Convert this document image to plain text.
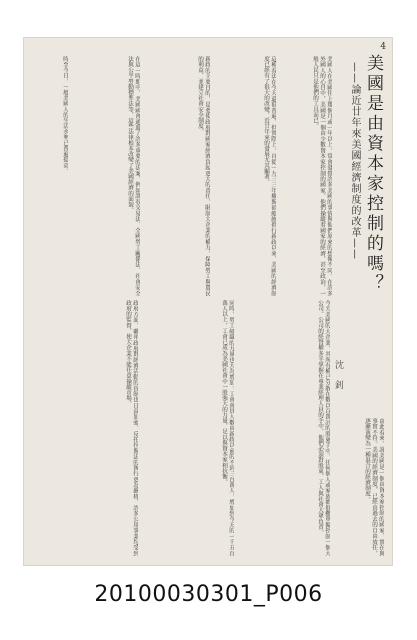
4
美國是由資本家控制的嗎？
——論近廿年來美國經濟制度的改革——
沈 釗
美國人在美國住上幾個月或一年以上，常會發覺許多美國的事情與他們原來的想像不同。在許多外國人的心目中，美國是一個由少數資本家控制的國家，他們操縱着國家的經濟，甚至政治，一般人民只是他們的工具而已。
這種看法在今天還很普遍，但實際上，自從一九三三年羅斯福總統推行新政以來，美國的經濟制度已經有了很大的改變，近廿年來的發展尤其顯著。
新政的主要目的，是要使政府對國家經濟負起更大的責任，限制大企業的權力，保障勞工與農民的利益，並建立社會安全制度。
在這一時期中，美國國會通過了許多重要的法案，例如證券交易法、全國勞工關係法、社會安全法與公平勞動標準法等，這些法律根本改變了美國經濟的面貌。
時至今日，一般美國人的生活水準已普遍提高。
今天美國的大企業，其所有權已分散在數以百萬計的股東手中，任何個人或家族都很難單獨控制一個大公司。公司的經營權多半掌握在專業經理人員的手中，他們必須對股東、工人與社會大眾負責。
同時，勞工組織的力量也大為增加。工會會員人數由新政以前的不到三百萬人，增加到今天的一千五百萬人以上，工會已成為美國社會中一股強大的力量，足以與資本家相抗衡。
政府方面，聯邦政府對經濟活動的管制也日益加強，反托拉斯法的執行更為嚴格，許多公用事業均受到政府的監督，使大企業不能任意操縱市場。
由此看來，說美國是一個由資本家控制的國家，實在與事實不符。美國的經濟制度，已經由過去的自由放任，逐漸演變為一種混合的經濟制度。
20100030301_P006
